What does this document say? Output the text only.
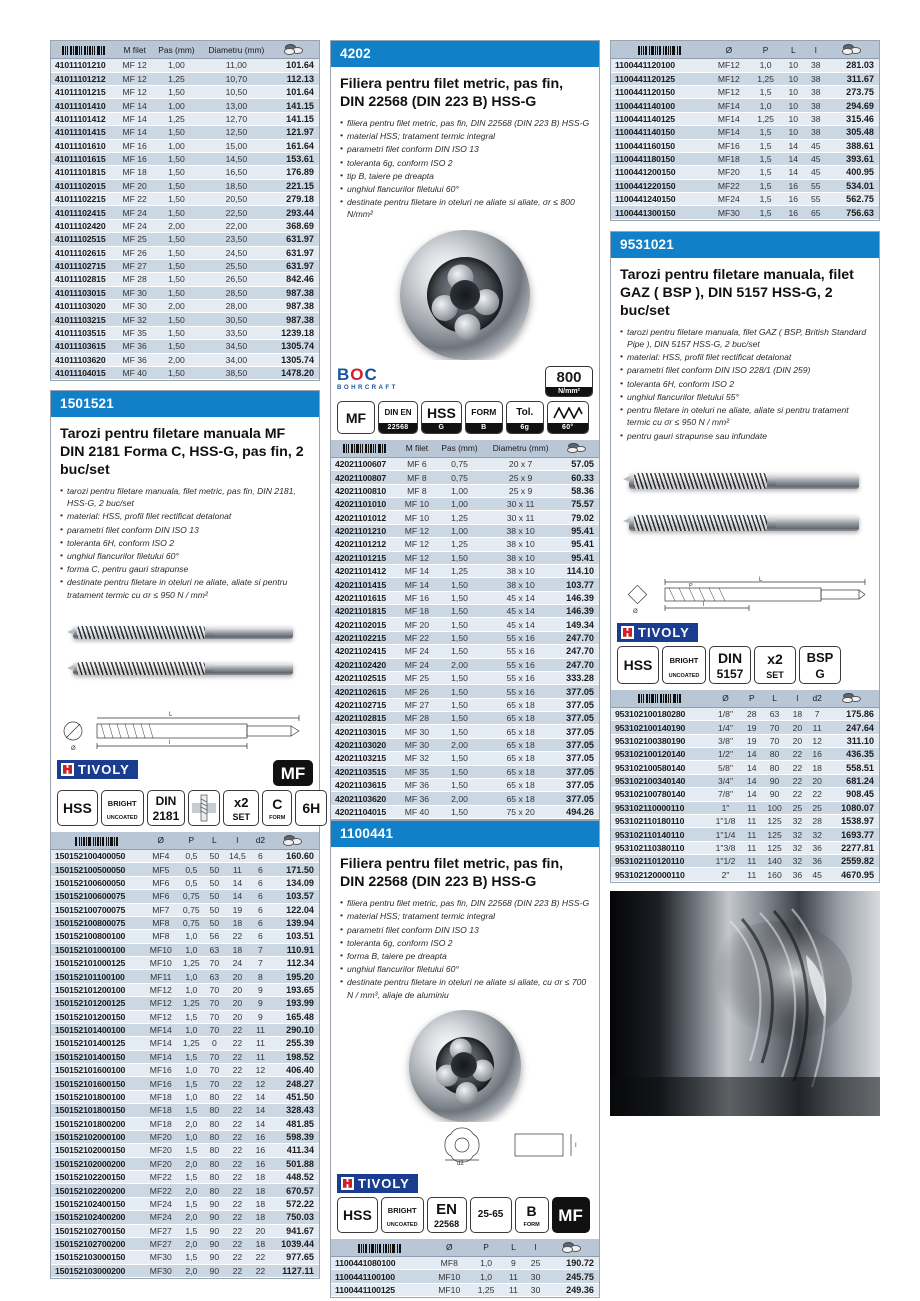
	M filet	Pas (mm)	Diametru (mm)	

41011101210	MF 12	1,00	11,00	101.64
41011101212	MF 12	1,25	10,70	112.13
41011101215	MF 12	1,50	10,50	101.64
41011101410	MF 14	1,00	13,00	141.15
41011101412	MF 14	1,25	12,70	141.15
41011101415	MF 14	1,50	12,50	121.97
41011101610	MF 16	1,00	15,00	161.64
41011101615	MF 16	1,50	14,50	153.61
41011101815	MF 18	1,50	16,50	176.89
41011102015	MF 20	1,50	18,50	221.15
41011102215	MF 22	1,50	20,50	279.18
41011102415	MF 24	1,50	22,50	293.44
41011102420	MF 24	2,00	22,00	368.69
41011102515	MF 25	1,50	23,50	631.97
41011102615	MF 26	1,50	24,50	631.97
41011102715	MF 27	1,50	25,50	631.97
41011102815	MF 28	1,50	26,50	842.46
41011103015	MF 30	1,50	28,50	987.38
41011103020	MF 30	2,00	28,00	987.38
41011103215	MF 32	1,50	30,50	987.38
41011103515	MF 35	1,50	33,50	1239.18
41011103615	MF 36	1,50	34,50	1305.74
41011103620	MF 36	2,00	34,00	1305.74
41011104015	MF 40	1,50	38,50	1478.20
1501521
Tarozi pentru filetare manuala MF DIN 2181 Forma C, HSS-G, pas fin, 2 buc/set
• tarozi pentru filetare manuala, filet metric, pas fin, DIN 2181, HSS-G, 2 buc/set
• material: HSS, profil filet rectificat detalonat
• parametri filet conform DIN ISO 13
• toleranta 6H, conform ISO 2
• unghiul flancurilor filetului 60°
• forma C, pentru gauri strapunse
• destinate pentru filetare in oteluri ne aliate, aliate si pentru tratament termic cu σr ≤ 950 N / mm²
Ø
L
l
TIVOLY	MF
HSS	BRIGHT
UNCOATED
DIN
2181
x2
SET
C
FORM
6H
	Ø	P	L	l	d2	

150152100400050	MF4	0,5	50	14,5	6	160.60
150152100500050	MF5	0,5	50	11	6	171.50
150152100600050	MF6	0,5	50	14	6	134.09
150152100600075	MF6	0,75	50	14	6	103.57
150152100700075	MF7	0,75	50	19	6	122.04
150152100800075	MF8	0,75	50	18	6	139.94
150152100800100	MF8	1,0	56	22	6	103.51
150152101000100	MF10	1,0	63	18	7	110.91
150152101000125	MF10	1,25	70	24	7	112.34
150152101100100	MF11	1,0	63	20	8	195.20
150152101200100	MF12	1,0	70	20	9	193.65
150152101200125	MF12	1,25	70	20	9	193.99
150152101200150	MF12	1,5	70	20	9	165.48
150152101400100	MF14	1,0	70	22	11	290.10
150152101400125	MF14	1,25	0	22	11	255.39
150152101400150	MF14	1,5	70	22	11	198.52
150152101600100	MF16	1,0	70	22	12	406.40
150152101600150	MF16	1,5	70	22	12	248.27
150152101800100	MF18	1,0	80	22	14	451.50
150152101800150	MF18	1,5	80	22	14	328.43
150152101800200	MF18	2,0	80	22	14	481.85
150152102000100	MF20	1,0	80	22	16	598.39
150152102000150	MF20	1,5	80	22	16	411.34
150152102000200	MF20	2,0	80	22	16	501.88
150152102200150	MF22	1,5	80	22	18	448.52
150152102200200	MF22	2,0	80	22	18	670.57
150152102400150	MF24	1,5	90	22	18	572.22
150152102400200	MF24	2,0	90	22	18	750.03
150152102700150	MF27	1,5	90	22	20	941.67
150152102700200	MF27	2,0	90	22	18	1039.44
150152103000150	MF30	1,5	90	22	22	977.65
150152103000200	MF30	2,0	90	22	22	1127.11
4202
Filiera pentru filet metric, pas fin, DIN 22568 (DIN 223 B) HSS-G
• filiera pentru filet metric, pas fin, DIN 22568 (DIN 223 B) HSS-G
• material HSS; tratament termic integral
• parametri filet conform DIN ISO 13
• toleranta 6g, conform ISO 2
• tip B, taiere pe dreapta
• unghiul flancurilor filetului 60°
• destinate pentru filetare in oteluri ne aliate si aliate, σr ≤ 800 N/mm²
BOC
BOHRCRAFT
800
N/mm²
MF	DIN EN
22568
HSS
G
FORM
B
Tol.
6g	60°
	M filet	Pas (mm)	Diametru (mm)	

42021100607	MF 6	0,75	20 x 7	57.05
42021100807	MF 8	0,75	25 x 9	60.33
42021100810	MF 8	1,00	25 x 9	58.36
42021101010	MF 10	1,00	30 x 11	75.57
42021101012	MF 10	1,25	30 x 11	79.02
42021101210	MF 12	1,00	38 x 10	95.41
42021101212	MF 12	1,25	38 x 10	95.41
42021101215	MF 12	1,50	38 x 10	95.41
42021101412	MF 14	1,25	38 x 10	114.10
42021101415	MF 14	1,50	38 x 10	103.77
42021101615	MF 16	1,50	45 x 14	146.39
42021101815	MF 18	1,50	45 x 14	146.39
42021102015	MF 20	1,50	45 x 14	149.34
42021102215	MF 22	1,50	55 x 16	247.70
42021102415	MF 24	1,50	55 x 16	247.70
42021102420	MF 24	2,00	55 x 16	247.70
42021102515	MF 25	1,50	55 x 16	333.28
42021102615	MF 26	1,50	55 x 16	377.05
42021102715	MF 27	1,50	65 x 18	377.05
42021102815	MF 28	1,50	65 x 18	377.05
42021103015	MF 30	1,50	65 x 18	377.05
42021103020	MF 30	2,00	65 x 18	377.05
42021103215	MF 32	1,50	65 x 18	377.05
42021103515	MF 35	1,50	65 x 18	377.05
42021103615	MF 36	1,50	65 x 18	377.05
42021103620	MF 36	2,00	65 x 18	377.05
42021104015	MF 40	1,50	75 x 20	494.26
1100441
Filiera pentru filet metric, pas fin, DIN 22568 (DIN 223 B) HSS-G
• filiera pentru filet metric, pas fin, DIN 22568 (DIN 223 B) HSS-G
• material HSS; tratament termic integral
• parametri filet conform DIN ISO 13
• toleranta 6g, conform ISO 2
• forma B, taiere pe dreapta
• unghiul flancurilor filetului 60°
• destinate pentru filetare in oteluri ne aliate si aliate, cu σr ≤ 700 N / mm³, aliaje de aluminiu
d2
I
TIVOLY
HSS	BRIGHT
UNCOATED
EN
22568
25-65	B
FORM
MF
	Ø	P	L	l	

1100441080100	MF8	1,0	9	25	190.72
1100441100100	MF10	1,0	11	30	245.75
1100441100125	MF10	1,25	11	30	249.36
	Ø	P	L	l	

1100441120100	MF12	1,0	10	38	281.03
1100441120125	MF12	1,25	10	38	311.67
1100441120150	MF12	1,5	10	38	273.75
1100441140100	MF14	1,0	10	38	294.69
1100441140125	MF14	1,25	10	38	315.46
1100441140150	MF14	1,5	10	38	305.48
1100441160150	MF16	1,5	14	45	388.61
1100441180150	MF18	1,5	14	45	393.61
1100441200150	MF20	1,5	14	45	400.95
1100441220150	MF22	1,5	16	55	534.01
1100441240150	MF24	1,5	16	55	562.75
1100441300150	MF30	1,5	16	65	756.63
9531021
Tarozi pentru filetare manuala, filet GAZ ( BSP ), DIN 5157 HSS-G, 2 buc/set
• tarozi pentru filetare manuala, filet GAZ ( BSP, British Standard Pipe ), DIN 5157 HSS-G, 2 buc/set
• material: HSS, profil filet rectificat detalonat
• parametri filet conform DIN ISO 228/1 (DIN 259)
• toleranta 6H, conform ISO 2
• unghiul flancurilor filetului 55°
• pentru filetare in oteluri ne aliate, aliate si pentru tratament termic cu σr ≤ 950 N / mm²
• pentru gauri strapunse sau infundate
Ø
L
l
P
TIVOLY
HSS	BRIGHT
UNCOATED
DIN
5157
x2
SET
BSP
G
	Ø	P	L	l	d2	

953102100180280	1/8"	28	63	18	7	175.86
953102100140190	1/4"	19	70	20	11	247.64
953102100380190	3/8"	19	70	20	12	311.10
953102100120140	1/2"	14	80	22	16	436.35
953102100580140	5/8"	14	80	22	18	558.51
953102100340140	3/4"	14	90	22	20	681.24
953102100780140	7/8"	14	90	22	22	908.45
953102110000110	1"	11	100	25	25	1080.07
953102110180110	1"1/8	11	125	32	28	1538.97
953102110140110	1"1/4	11	125	32	32	1693.77
953102110380110	1"3/8	11	125	32	36	2277.81
953102110120110	1"1/2	11	140	32	36	2559.82
953102120000110	2"	11	160	36	45	4670.95
